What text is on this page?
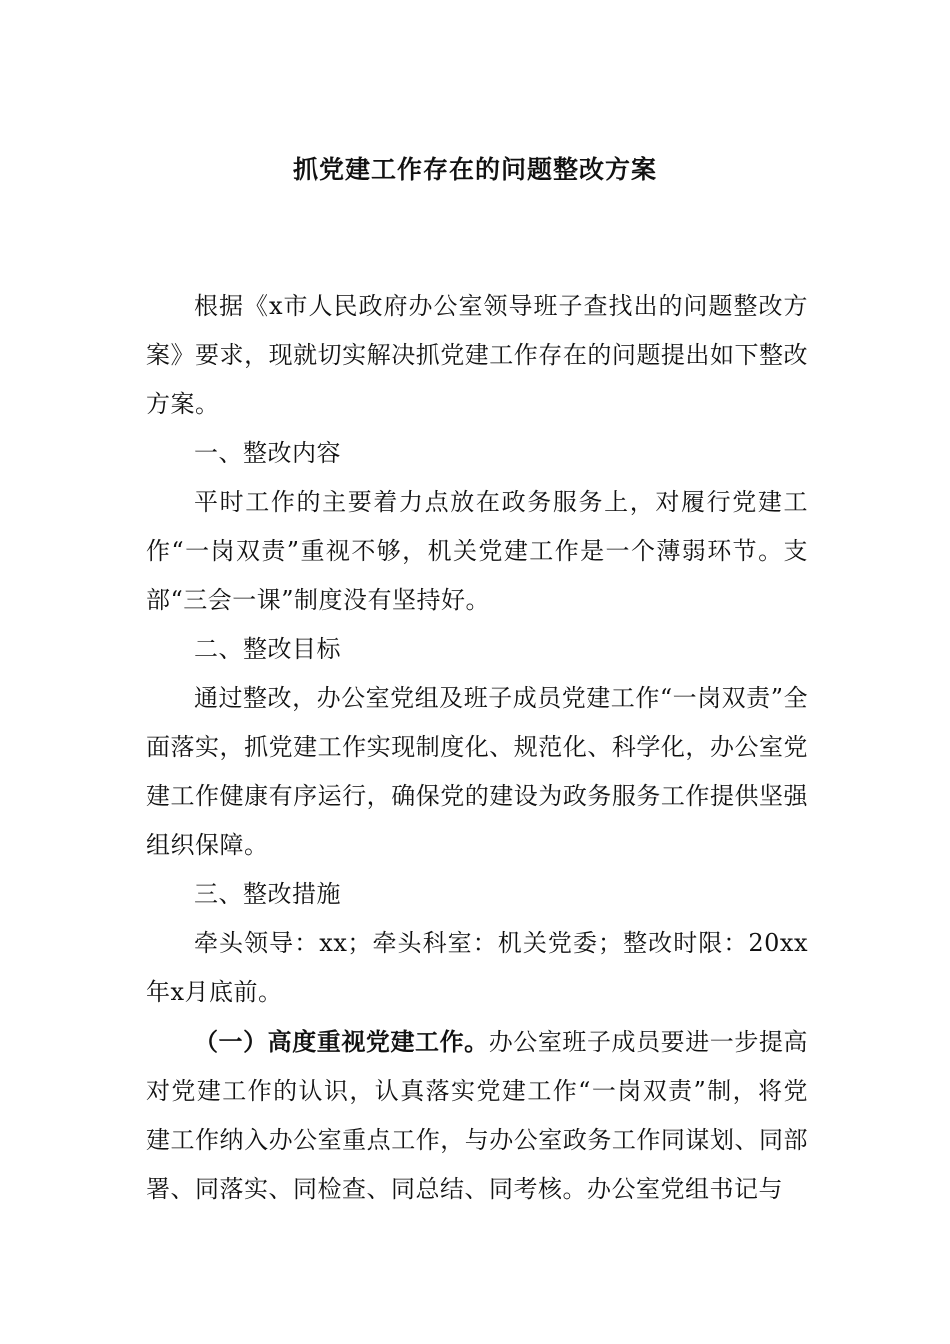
抓党建工作存在的问题整改方案

根据《x市人民政府办公室领导班子查找出的问题整改方案》要求，现就切实解决抓党建工作存在的问题提出如下整改方案。

一、整改内容

平时工作的主要着力点放在政务服务上，对履行党建工作“一岗双责”重视不够，机关党建工作是一个薄弱环节。支部“三会一课”制度没有坚持好。

二、整改目标

通过整改，办公室党组及班子成员党建工作“一岗双责”全面落实，抓党建工作实现制度化、规范化、科学化，办公室党建工作健康有序运行，确保党的建设为政务服务工作提供坚强组织保障。

三、整改措施

牵头领导：xx；牵头科室：机关党委；整改时限：20xx年x月底前。

（一）高度重视党建工作。办公室班子成员要进一步提高对党建工作的认识，认真落实党建工作“一岗双责”制，将党建工作纳入办公室重点工作，与办公室政务工作同谋划、同部署、同落实、同检查、同总结、同考核。办公室党组书记与
